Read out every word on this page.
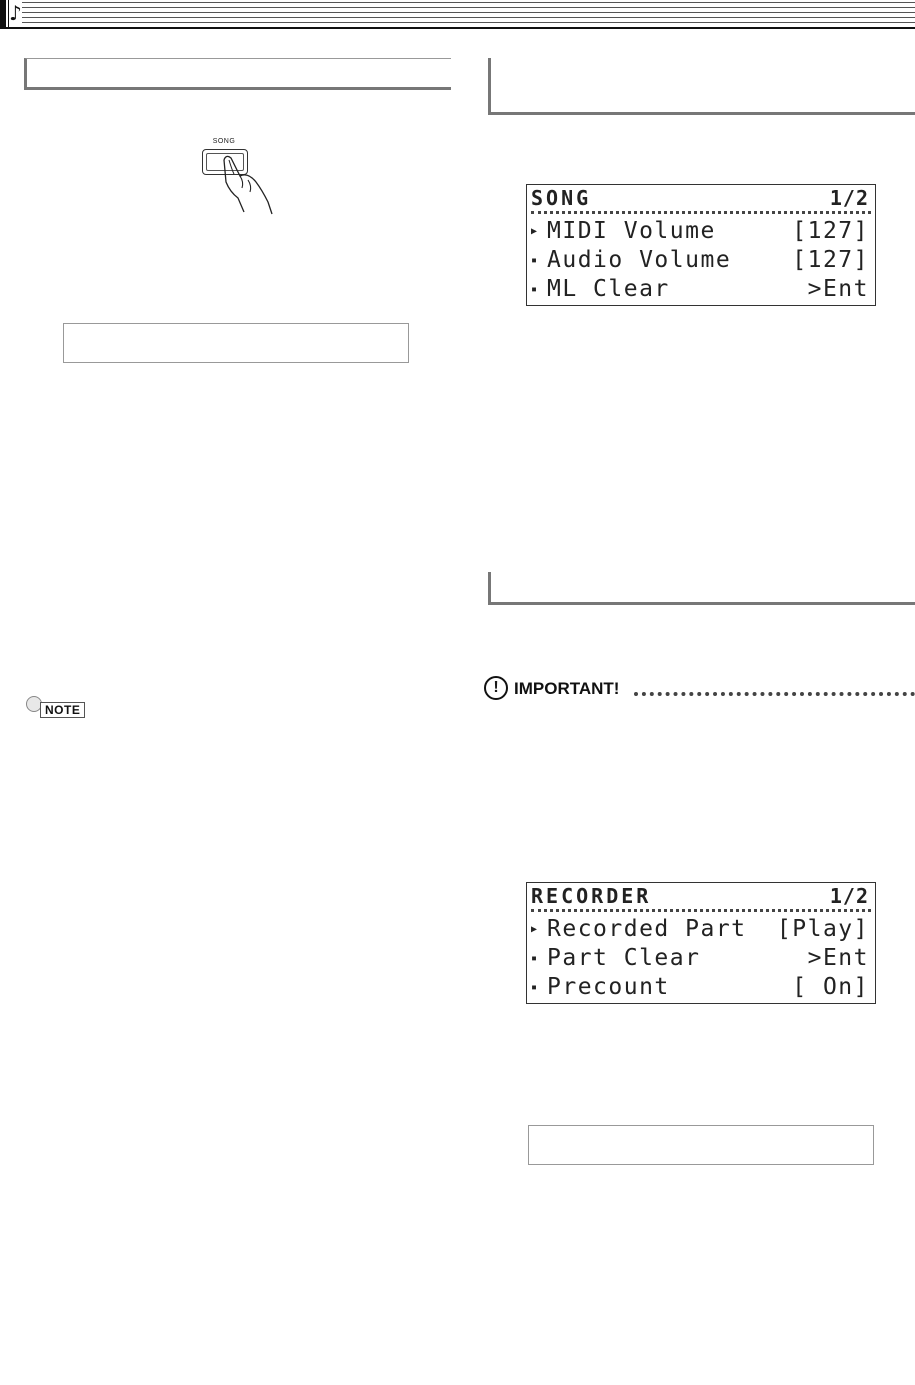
♪
SONG
NOTE
SONG	1/2
▶ MIDI Volume	[127]
▪ Audio Volume	[127]
▪ ML Clear	>Ent
! IMPORTANT!
RECORDER	1/2
▶ Recorded Part [Play]
▪ Part Clear	>Ent
▪ Precount	[ On]
